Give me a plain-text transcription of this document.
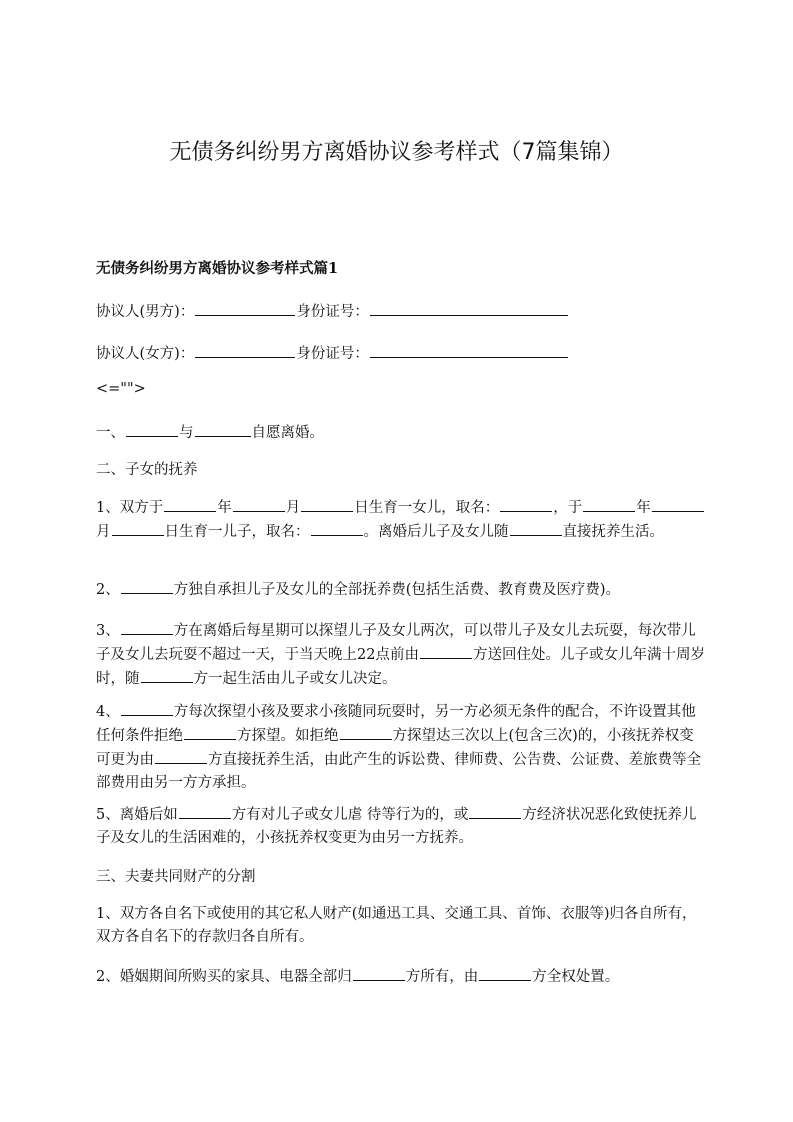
无债务纠纷男方离婚协议参考样式（7篇集锦）
无债务纠纷男方离婚协议参考样式篇1

协议人(男方)：	身份证号：

协议人(女方)：	身份证号：

<="">

一、	与	自愿离婚。

二、子女的抚养

1、双方于	年	月	日生育一女儿，取名：	，于	年月	日生育一儿子，取名：	。离婚后儿子及女儿随	直接抚养生活。

2、	方独自承担儿子及女儿的全部抚养费(包括生活费、教育费及医疗费)。

3、	方在离婚后每星期可以探望儿子及女儿两次，可以带儿子及女儿去玩耍，每次带儿子及女儿去玩耍不超过一天，于当天晚上22点前由	方送回住处。儿子或女儿年满十周岁时，随	方一起生活由儿子或女儿决定。

4、	方每次探望小孩及要求小孩随同玩耍时，另一方必须无条件的配合，不许设置其他任何条件拒绝	方探望。如拒绝	方探望达三次以上(包含三次)的，小孩抚养权变可更为由	方直接抚养生活，由此产生的诉讼费、律师费、公告费、公证费、差旅费等全部费用由另一方方承担。

5、离婚后如	方有对儿子或女儿虐 待等行为的，或	方经济状况恶化致使抚养儿子及女儿的生活困难的，小孩抚养权变更为由另一方抚养。

三、夫妻共同财产的分割

1、双方各自名下或使用的其它私人财产(如通迅工具、交通工具、首饰、衣服等)归各自所有，双方各自名下的存款归各自所有。

2、婚姻期间所购买的家具、电器全部归	方所有，由	方全权处置。
